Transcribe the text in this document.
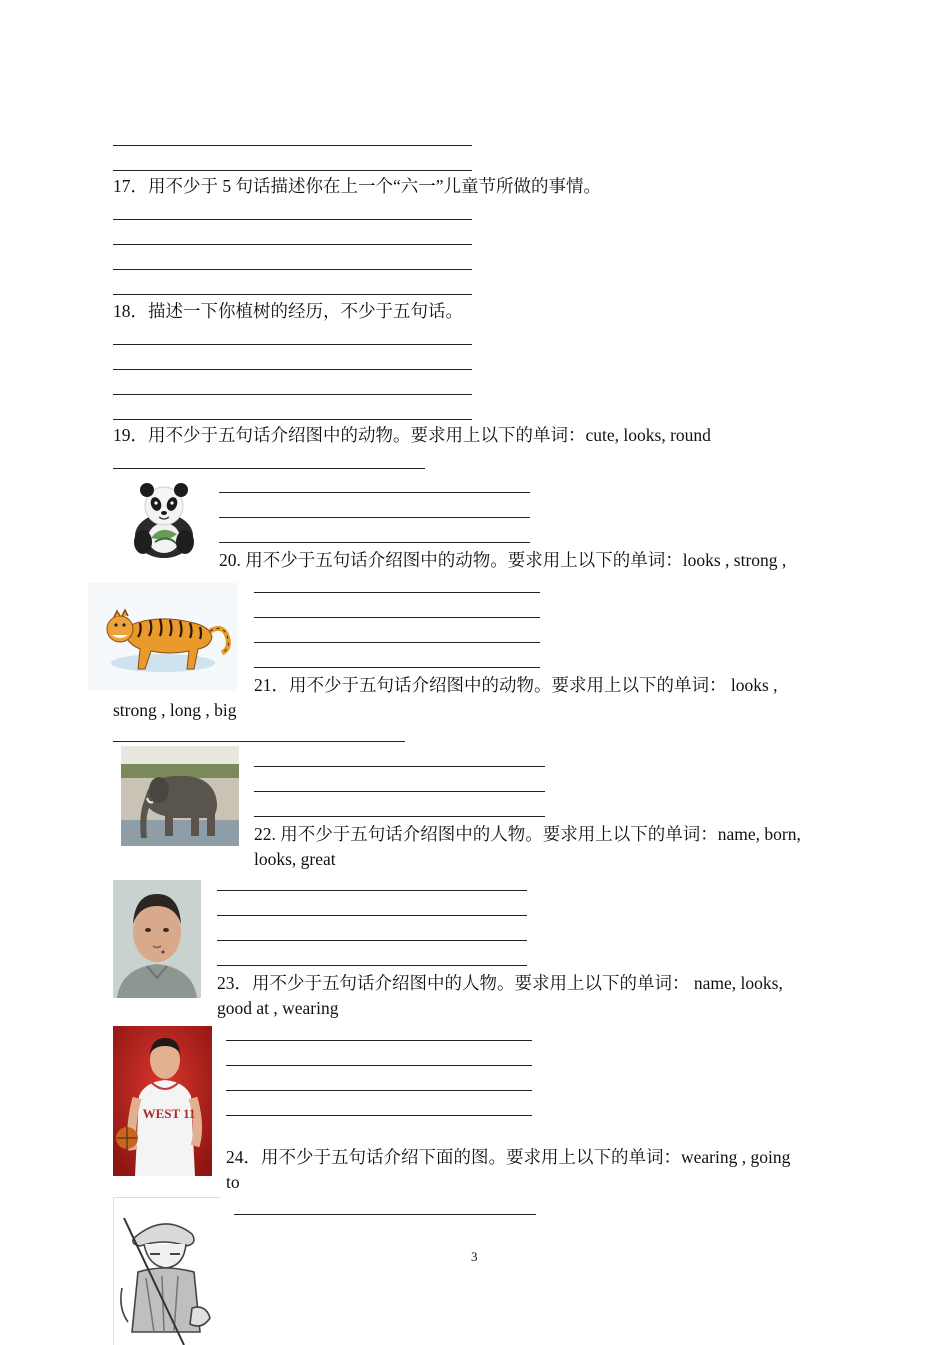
17．用不少于 5 句话描述你在上一个“六一”儿童节所做的事情。
18．描述一下你植树的经历，不少于五句话。
19．用不少于五句话介绍图中的动物。要求用上以下的单词：cute, looks, round
20. 用不少于五句话介绍图中的动物。要求用上以下的单词：looks , strong ,
21．用不少于五句话介绍图中的动物。要求用上以下的单词： looks ,
strong , long , big
22. 用不少于五句话介绍图中的人物。要求用上以下的单词：name, born,
looks, great
23．用不少于五句话介绍图中的人物。要求用上以下的单词： name, looks,
good at , wearing
WEST 11
24．用不少于五句话介绍下面的图。要求用上以下的单词：wearing , going
to
3
